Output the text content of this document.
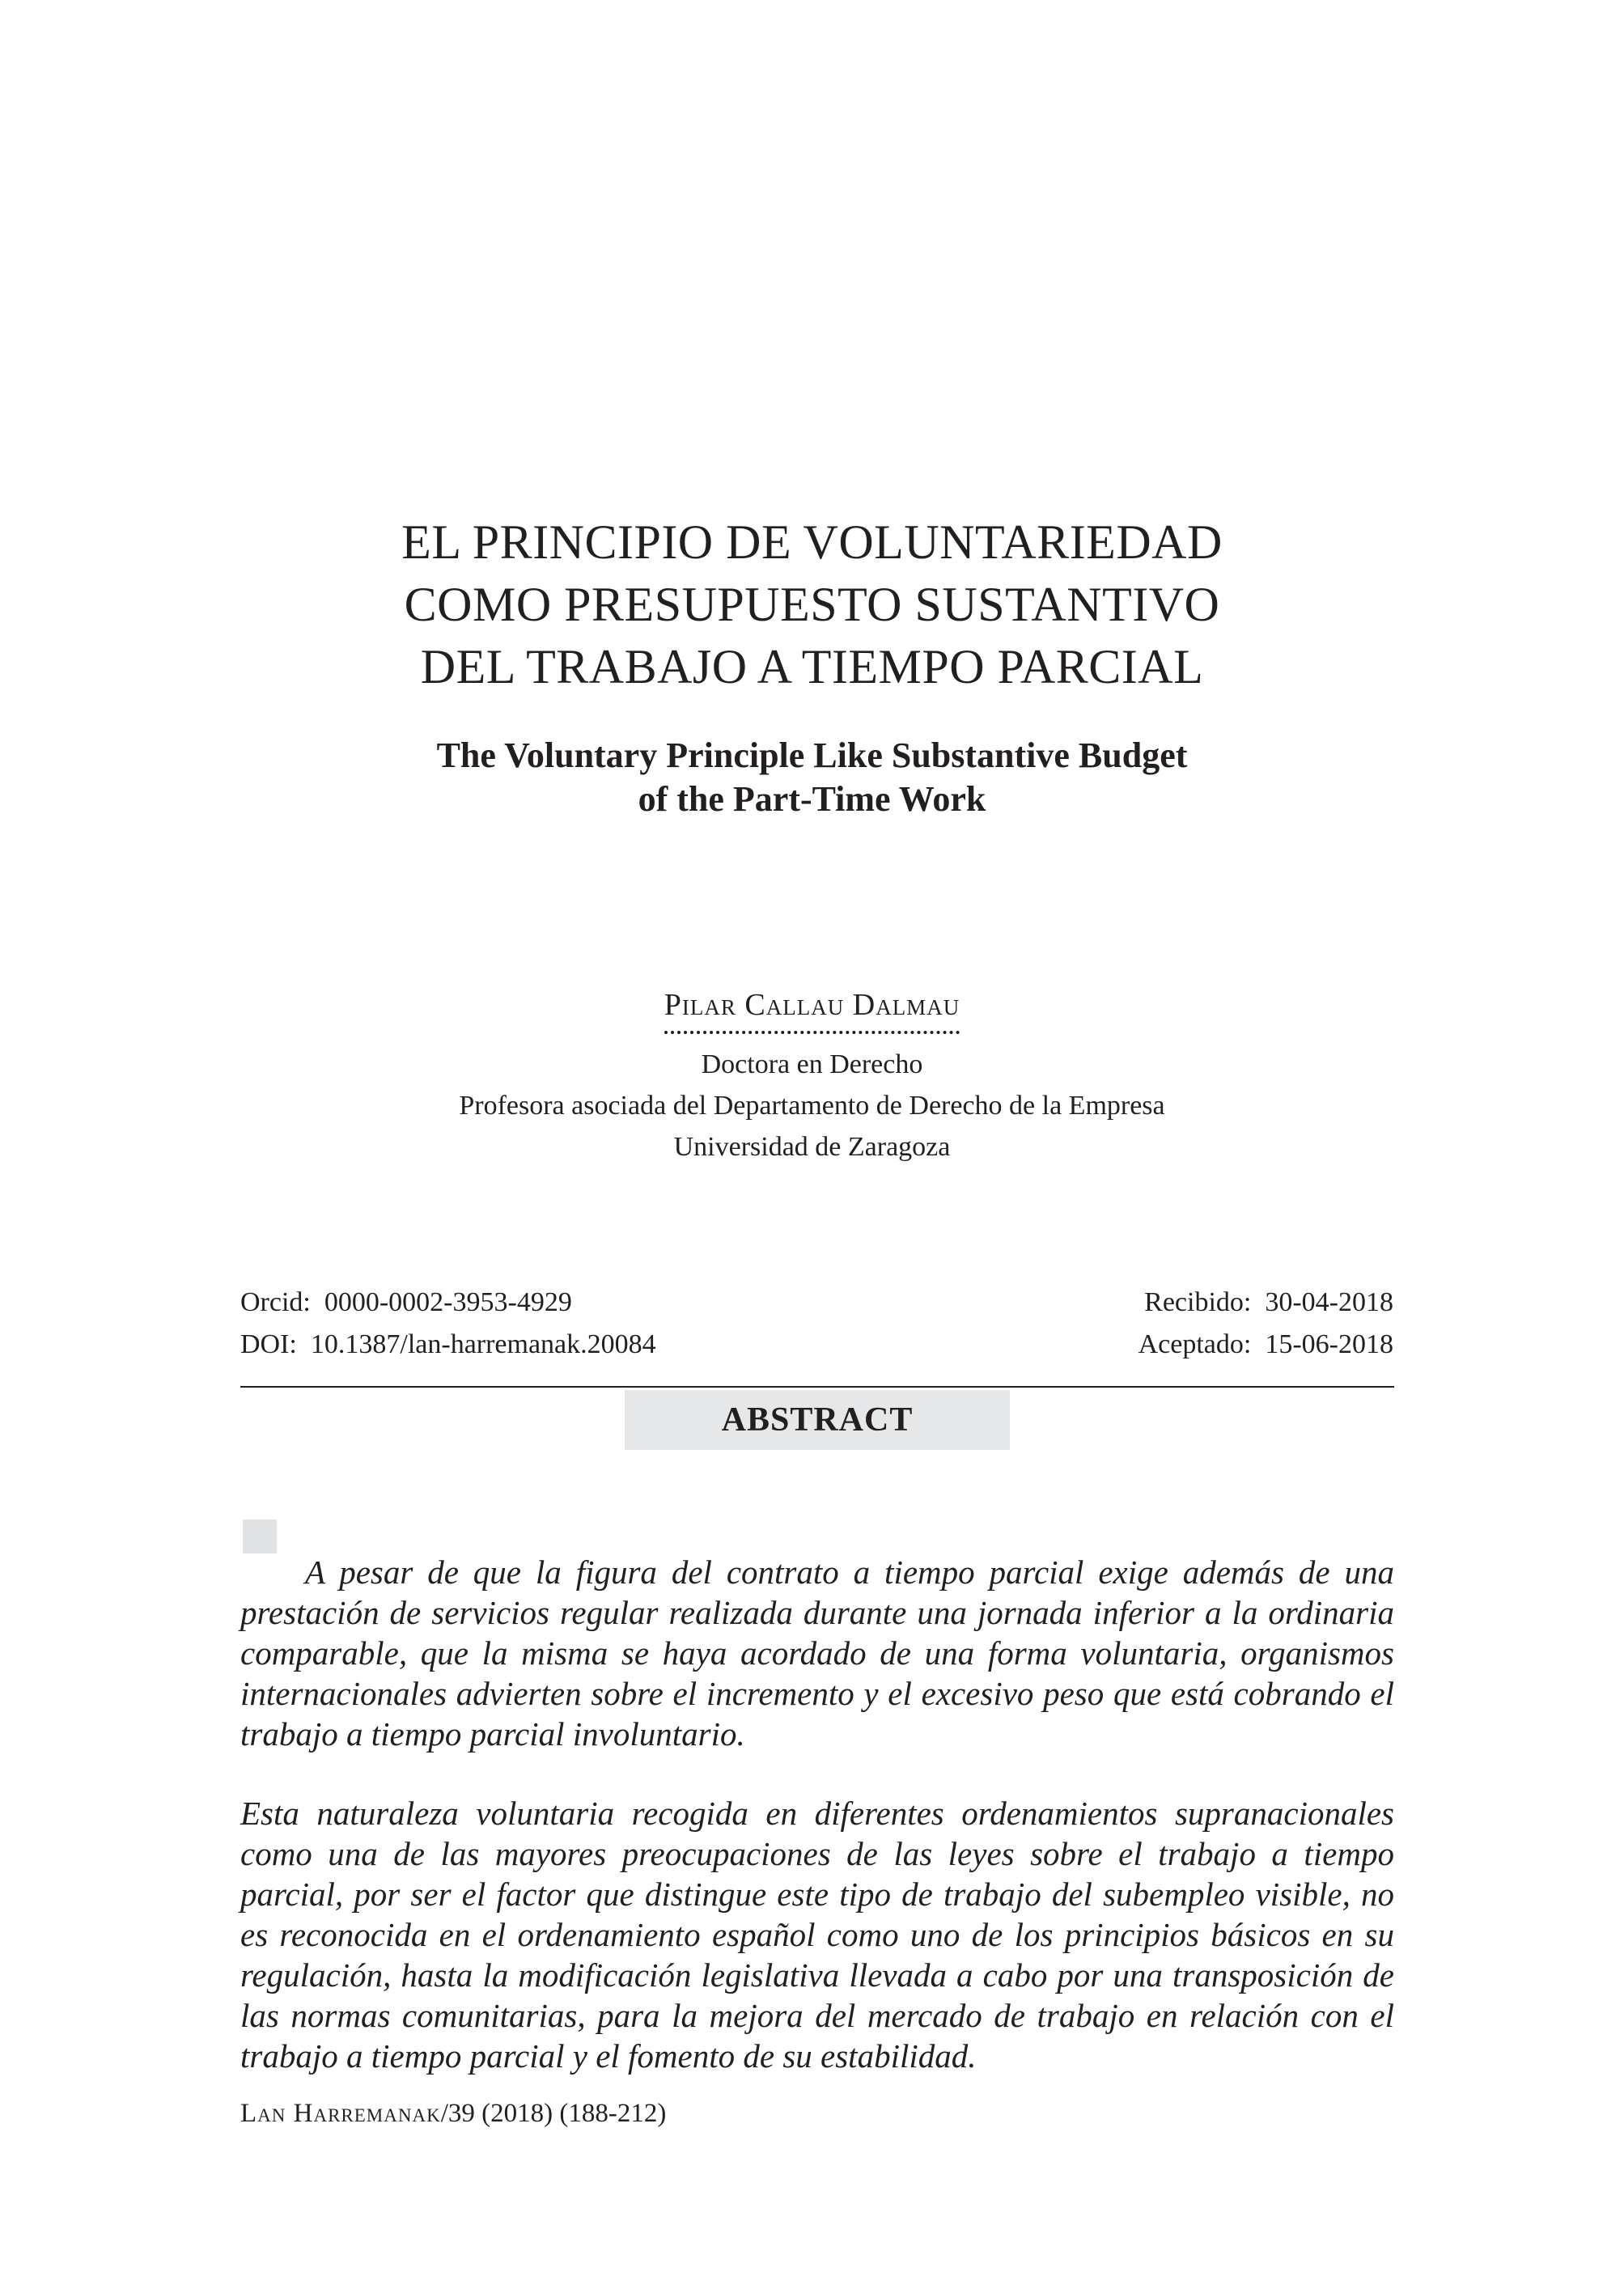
EL PRINCIPIO DE VOLUNTARIEDAD
COMO PRESUPUESTO SUSTANTIVO
DEL TRABAJO A TIEMPO PARCIAL
The Voluntary Principle Like Substantive Budget
of the Part-Time Work
Pilar Callau Dalmau
Doctora en Derecho
Profesora asociada del Departamento de Derecho de la Empresa
Universidad de Zaragoza
Orcid: 0000-0002-3953-4929
DOI: 10.1387/lan-harremanak.20084
Recibido: 30-04-2018
Aceptado: 15-06-2018
ABSTRACT

A pesar de que la figura del contrato a tiempo parcial exige además de una prestación de servicios regular realizada durante una jornada inferior a la ordinaria comparable, que la misma se haya acordado de una forma voluntaria, organismos internacionales advierten sobre el incremento y el excesivo peso que está cobrando el trabajo a tiempo parcial involuntario.

Esta naturaleza voluntaria recogida en diferentes ordenamientos supranacionales como una de las mayores preocupaciones de las leyes sobre el trabajo a tiempo parcial, por ser el factor que distingue este tipo de trabajo del subempleo visible, no es reconocida en el ordenamiento español como uno de los principios básicos en su regulación, hasta la modificación legislativa llevada a cabo por una transposición de las normas comunitarias, para la mejora del mercado de trabajo en relación con el trabajo a tiempo parcial y el fomento de su estabilidad.

Lan Harremanak/39 (2018) (188-212)
